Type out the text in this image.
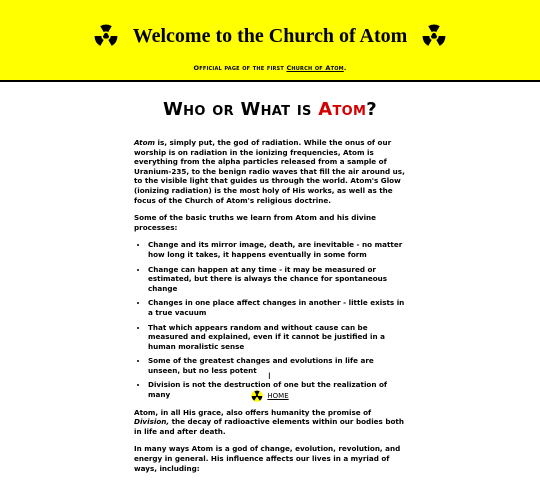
Welcome to the Church of Atom
Official page of the first Church of Atom.
Who or What is Atom?

Atom is, simply put, the god of radiation. While the onus of our worship is on radiation in the ionizing frequencies, Atom is everything from the alpha particles released from a sample of Uranium-235, to the benign radio waves that fill the air around us, to the visible light that guides us through the world. Atom's Glow (ionizing radiation) is the most holy of His works, as well as the focus of the Church of Atom's religious doctrine.

Some of the basic truths we learn from Atom and his divine processes:

• Change and its mirror image, death, are inevitable - no matter how long it takes, it happens eventually in some form
• Change can happen at any time - it may be measured or estimated, but there is always the chance for spontaneous change
• Changes in one place affect changes in another - little exists in a true vacuum
• That which appears random and without cause can be measured and explained, even if it cannot be justified in a human moralistic sense
• Some of the greatest changes and evolutions in life are unseen, but no less potent
• Division is not the destruction of one but the realization of many

Atom, in all His grace, also offers humanity the promise of Division, the decay of radioactive elements within our bodies both in life and after death.

In many ways Atom is a god of change, evolution, revolution, and energy in general. His influence affects our lives in a myriad of ways, including:

I
HOME
